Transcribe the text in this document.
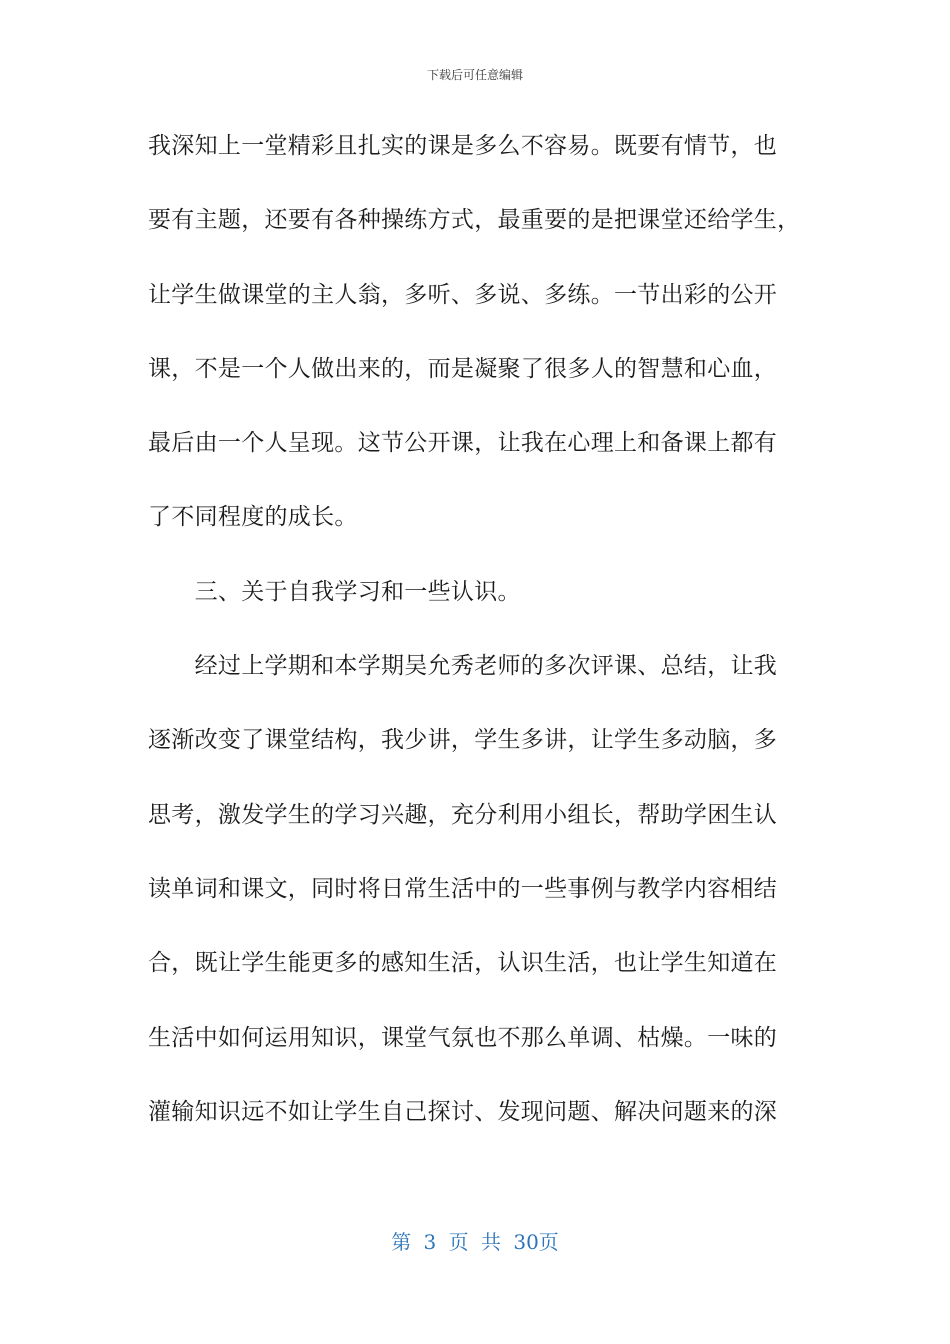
下载后可任意编辑
我深知上一堂精彩且扎实的课是多么不容易。既要有情节，也
要有主题，还要有各种操练方式，最重要的是把课堂还给学生，
让学生做课堂的主人翁，多听、多说、多练。一节出彩的公开
课，不是一个人做出来的，而是凝聚了很多人的智慧和心血，
最后由一个人呈现。这节公开课，让我在心理上和备课上都有
了不同程度的成长。
　　三、关于自我学习和一些认识。
　　经过上学期和本学期吴允秀老师的多次评课、总结，让我
逐渐改变了课堂结构，我少讲，学生多讲，让学生多动脑，多
思考，激发学生的学习兴趣，充分利用小组长，帮助学困生认
读单词和课文，同时将日常生活中的一些事例与教学内容相结
合，既让学生能更多的感知生活，认识生活，也让学生知道在
生活中如何运用知识，课堂气氛也不那么单调、枯燥。一味的
灌输知识远不如让学生自己探讨、发现问题、解决问题来的深
第 3 页 共 30页
